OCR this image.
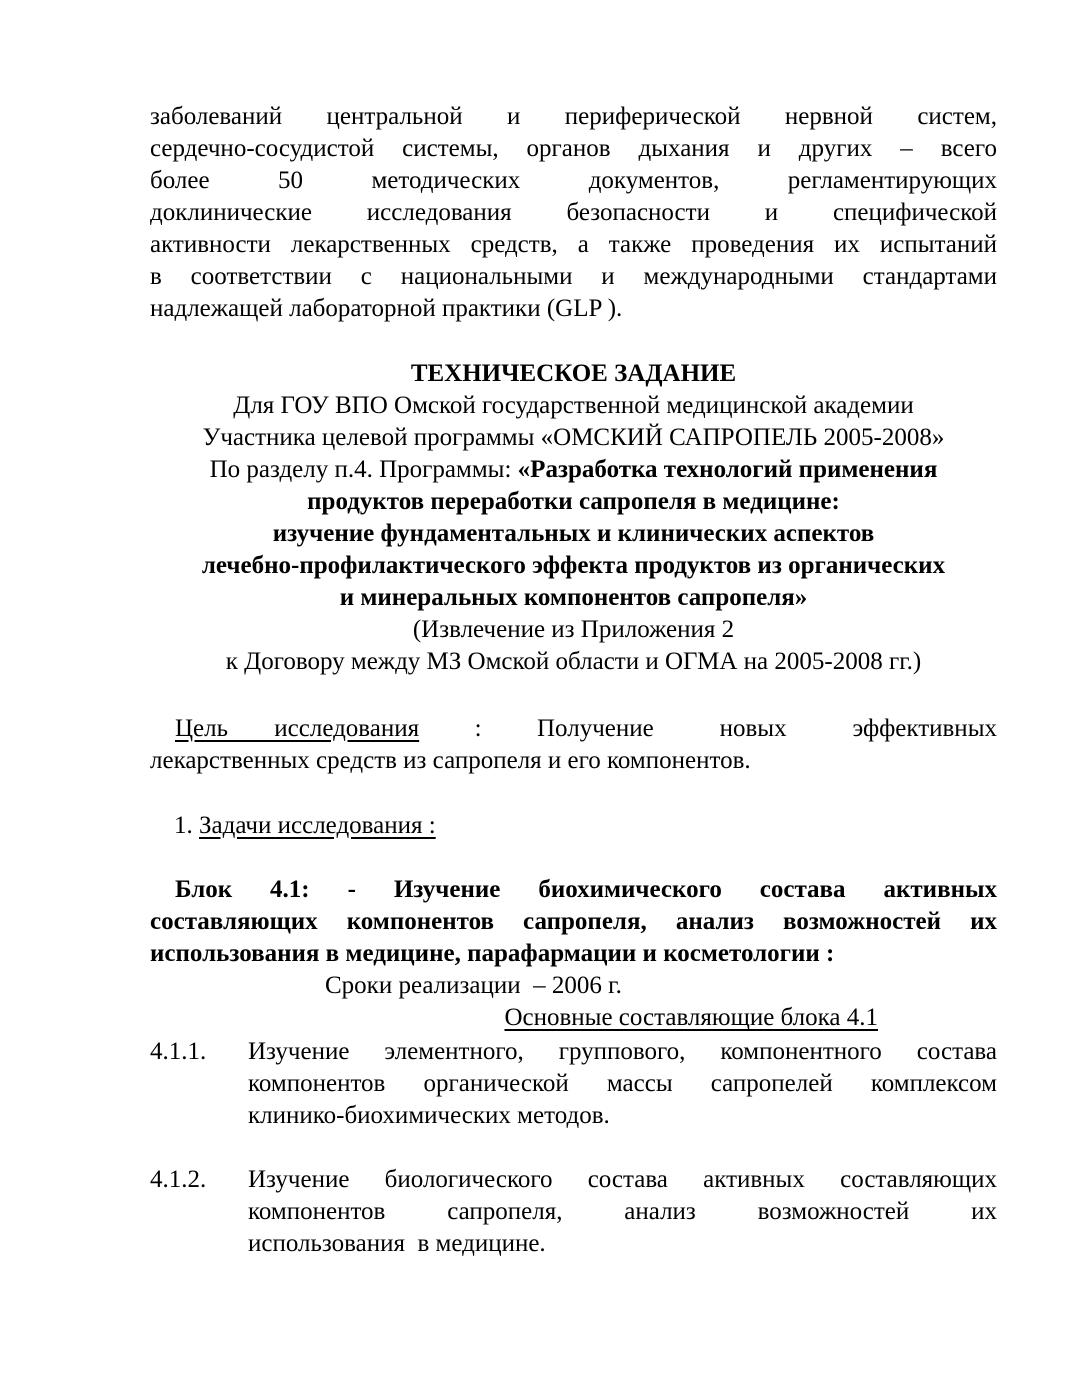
заболеваний центральной и периферической нервной систем,
сердечно-сосудистой системы, органов дыхания и других – всего
более 50 методических документов, регламентирующих
доклинические исследования безопасности и специфической
активности лекарственных средств, а также проведения их испытаний
в соответствии с национальными и международными стандартами
надлежащей лабораторной практики (GLP ).
ТЕХНИЧЕСКОЕ ЗАДАНИЕ
Для ГОУ ВПО Омской государственной медицинской академии
Участника целевой программы «ОМСКИЙ САПРОПЕЛЬ 2005-2008»
По разделу п.4. Программы: «Разработка технологий применения
продуктов переработки сапропеля в медицине:
изучение фундаментальных и клинических аспектов
лечебно-профилактического эффекта продуктов из органических
и минеральных компонентов сапропеля»
(Извлечение из Приложения 2
к Договору между МЗ Омской области и ОГМА на 2005-2008 гг.)
Цель исследования : Получение новых эффективных
лекарственных средств из сапропеля и его компонентов.
1. Задачи исследования :
Блок 4.1: - Изучение биохимического состава активных
составляющих компонентов сапропеля, анализ возможностей их
использования в медицине, парафармации и косметологии :
Сроки реализации  – 2006 г.
Основные составляющие блока 4.1
4.1.1.	Изучение элементного, группового, компонентного состава
компонентов органической массы сапропелей комплексом
клинико-биохимических методов.
4.1.2.	Изучение биологического состава активных составляющих
компонентов сапропеля, анализ возможностей их
использования  в медицине.
